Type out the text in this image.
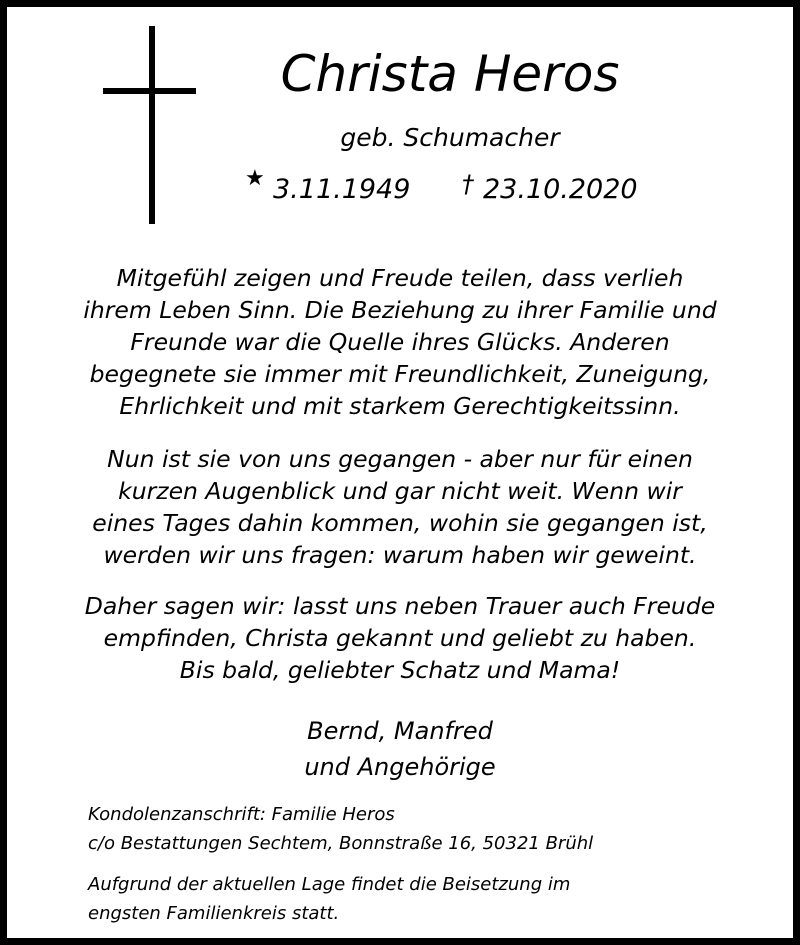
Christa Heros
geb. Schumacher
★ 3.11.1949 † 23.10.2020

Mitgefühl zeigen und Freude teilen, dass verlieh
ihrem Leben Sinn. Die Beziehung zu ihrer Familie und
Freunde war die Quelle ihres Glücks. Anderen
begegnete sie immer mit Freundlichkeit, Zuneigung,
Ehrlichkeit und mit starkem Gerechtigkeitssinn.

Nun ist sie von uns gegangen - aber nur für einen
kurzen Augenblick und gar nicht weit. Wenn wir
eines Tages dahin kommen, wohin sie gegangen ist,
werden wir uns fragen: warum haben wir geweint.

Daher sagen wir: lasst uns neben Trauer auch Freude
empfinden, Christa gekannt und geliebt zu haben.
Bis bald, geliebter Schatz und Mama!

Bernd, Manfred
und Angehörige

Kondolenzanschrift: Familie Heros
c/o Bestattungen Sechtem, Bonnstraße 16, 50321 Brühl

Aufgrund der aktuellen Lage findet die Beisetzung im
engsten Familienkreis statt.
